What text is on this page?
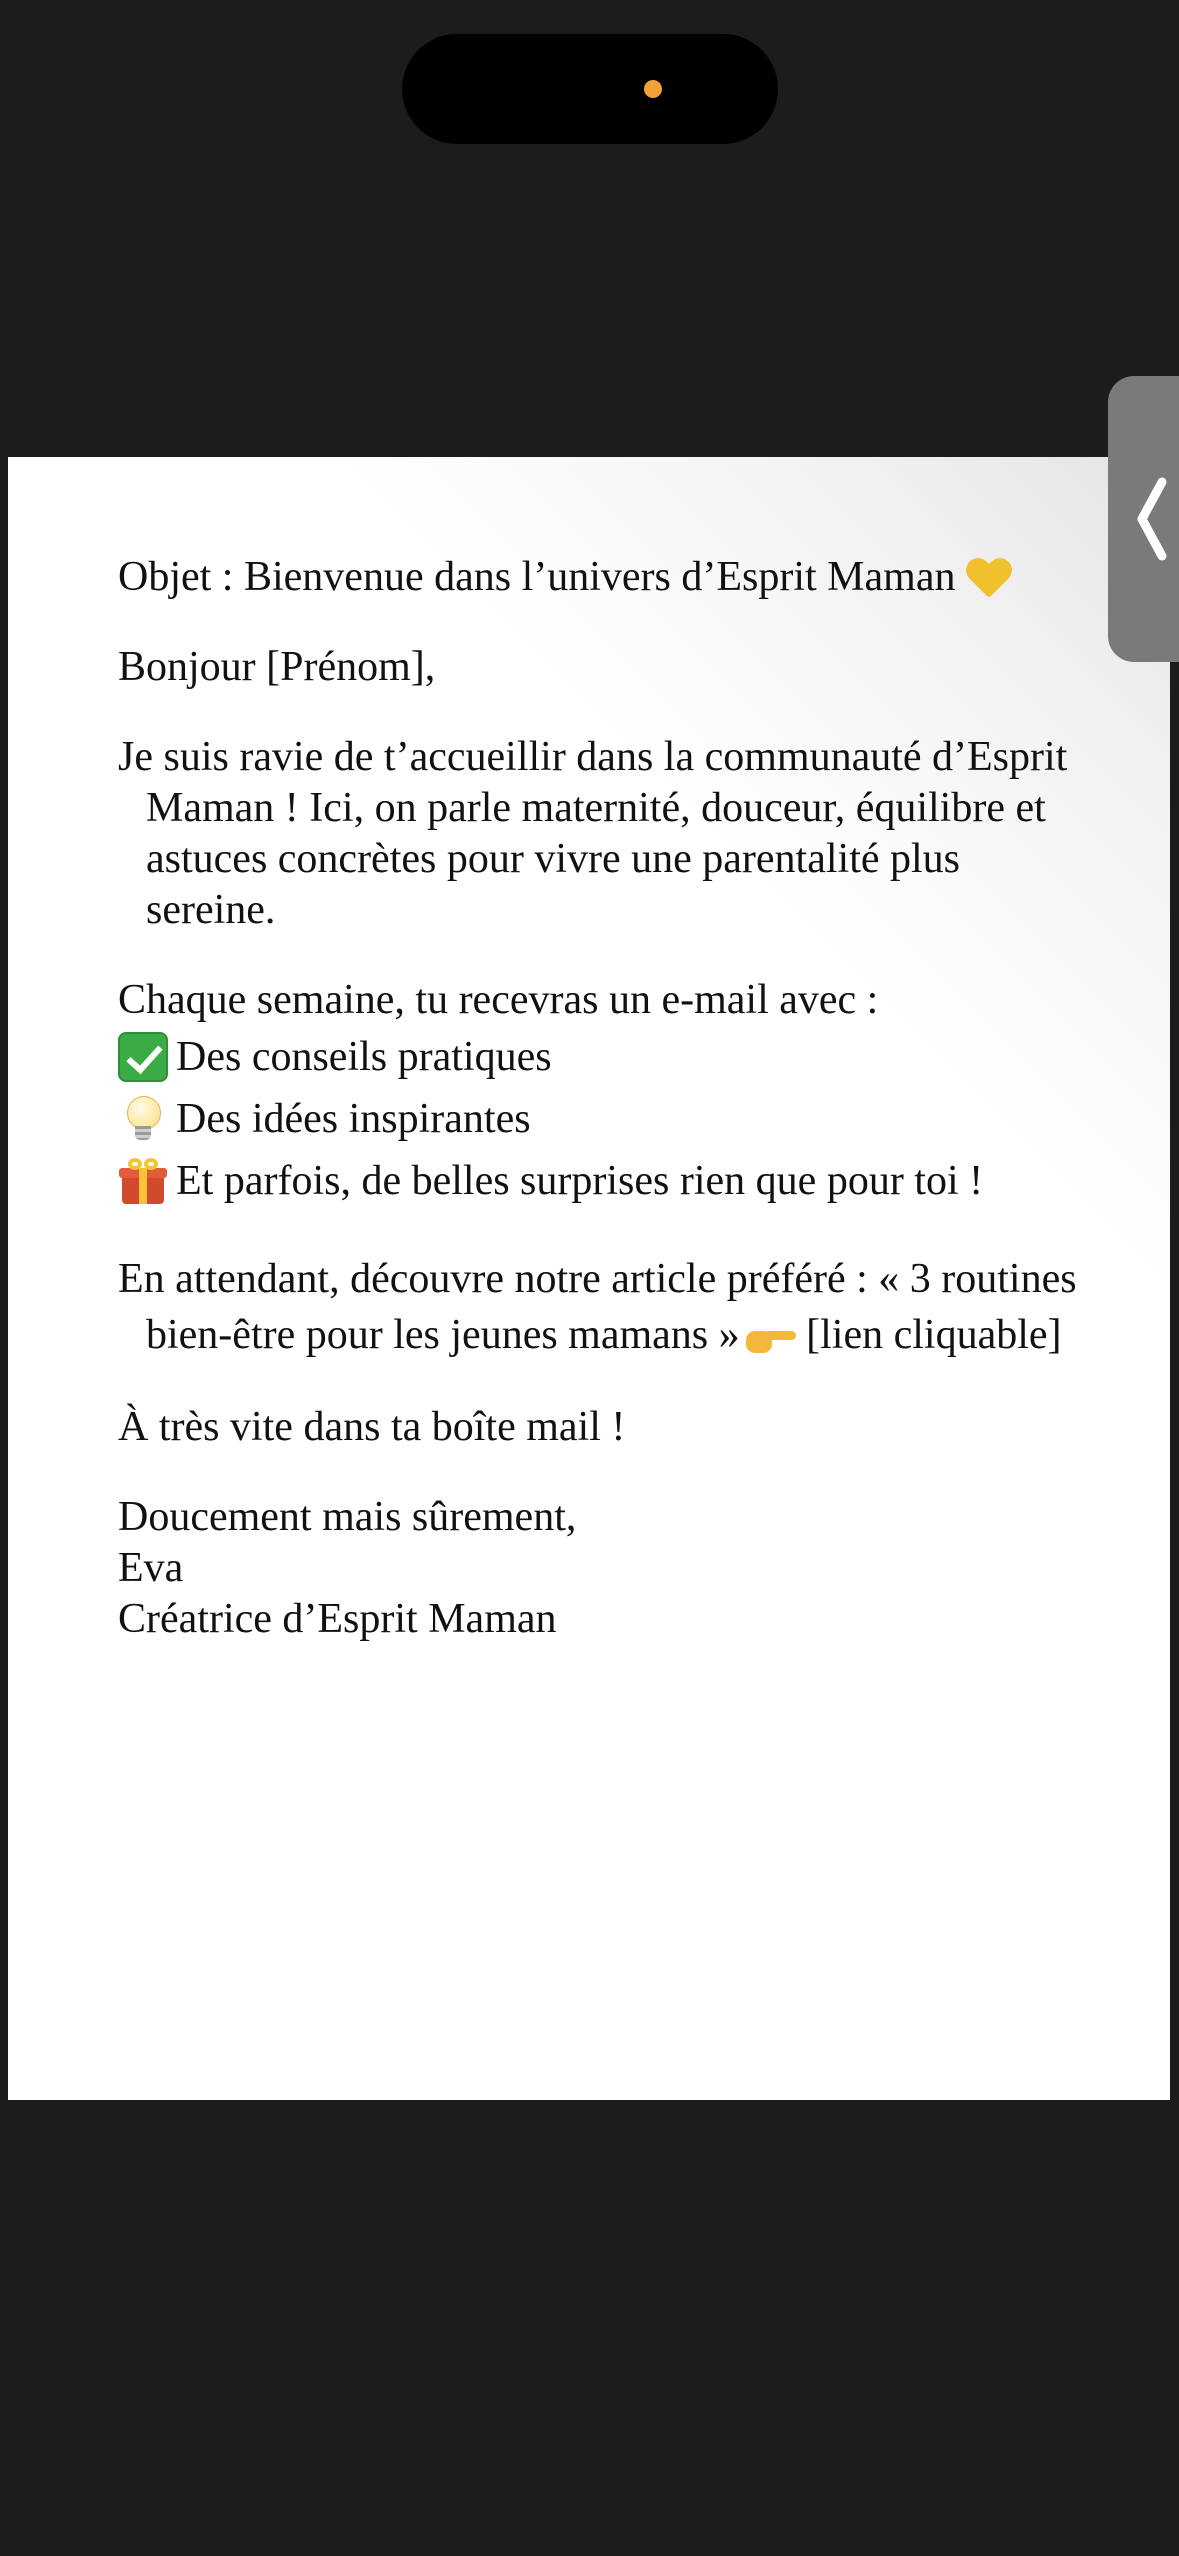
Objet : Bienvenue dans l’univers d’Esprit Maman

Bonjour [Prénom],

Je suis ravie de t’accueillir dans la communauté d’Esprit Maman ! Ici, on parle maternité, douceur, équilibre et astuces concrètes pour vivre une parentalité plus sereine.

Chaque semaine, tu recevras un e-mail avec :

Des conseils pratiques
Des idées inspirantes
Et parfois, de belles surprises rien que pour toi !

En attendant, découvre notre article préféré : « 3 routines bien-être pour les jeunes mamans » [lien cliquable]

À très vite dans ta boîte mail !

Doucement mais sûrement,

Eva

Créatrice d’Esprit Maman
